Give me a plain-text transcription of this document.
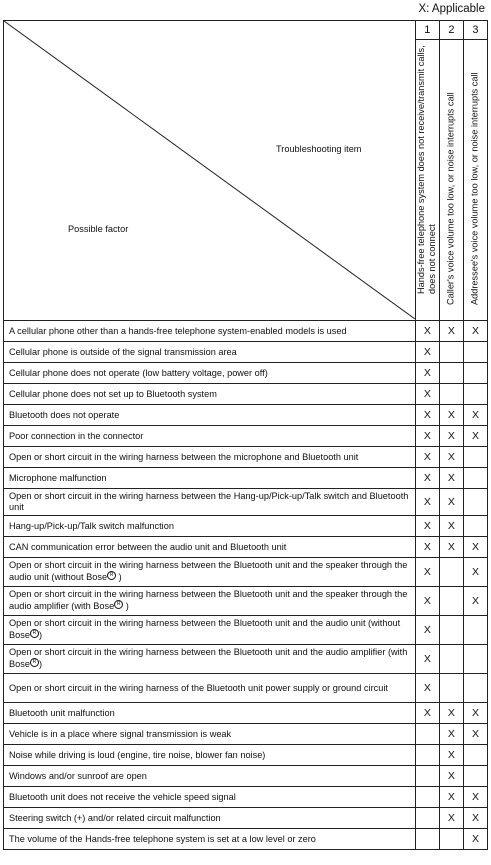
X: Applicable
Troubleshooting item
Possible factor	1	2	3

	Hands-free telephone system does not receive/transmit calls,
does not connect	Caller's voice volume too low, or noise interrupts call	Addressee's voice volume too low, or noise interrupts call

A cellular phone other than a hands-free telephone system-enabled models is used	X	X	X
Cellular phone is outside of the signal transmission area	X		
Cellular phone does not operate (low battery voltage, power off)	X		
Cellular phone does not set up to Bluetooth system	X		
Bluetooth does not operate	X	X	X
Poor connection in the connector	X	X	X
Open or short circuit in the wiring harness between the microphone and Bluetooth unit	X	X	
Microphone malfunction	X	X	
Open or short circuit in the wiring harness between the Hang-up/Pick-up/Talk switch and Bluetooth unit	X	X	
Hang-up/Pick-up/Talk switch malfunction	X	X	
CAN communication error between the audio unit and Bluetooth unit	X	X	X
Open or short circuit in the wiring harness between the Bluetooth unit and the speaker through the audio unit (without Bose R )	X		X
Open or short circuit in the wiring harness between the Bluetooth unit and the speaker through the audio amplifier (with Bose R )	X		X
Open or short circuit in the wiring harness between the Bluetooth unit and the audio unit (without Bose R )	X		
Open or short circuit in the wiring harness between the Bluetooth unit and the audio amplifier (with Bose R )	X		
Open or short circuit in the wiring harness of the Bluetooth unit power supply or ground circuit	X		
Bluetooth unit malfunction	X	X	X
Vehicle is in a place where signal transmission is weak		X	X
Noise while driving is loud (engine, tire noise, blower fan noise)		X	
Windows and/or sunroof are open		X	
Bluetooth unit does not receive the vehicle speed signal		X	X
Steering switch (+) and/or related circuit malfunction		X	X
The volume of the Hands-free telephone system is set at a low level or zero			X
